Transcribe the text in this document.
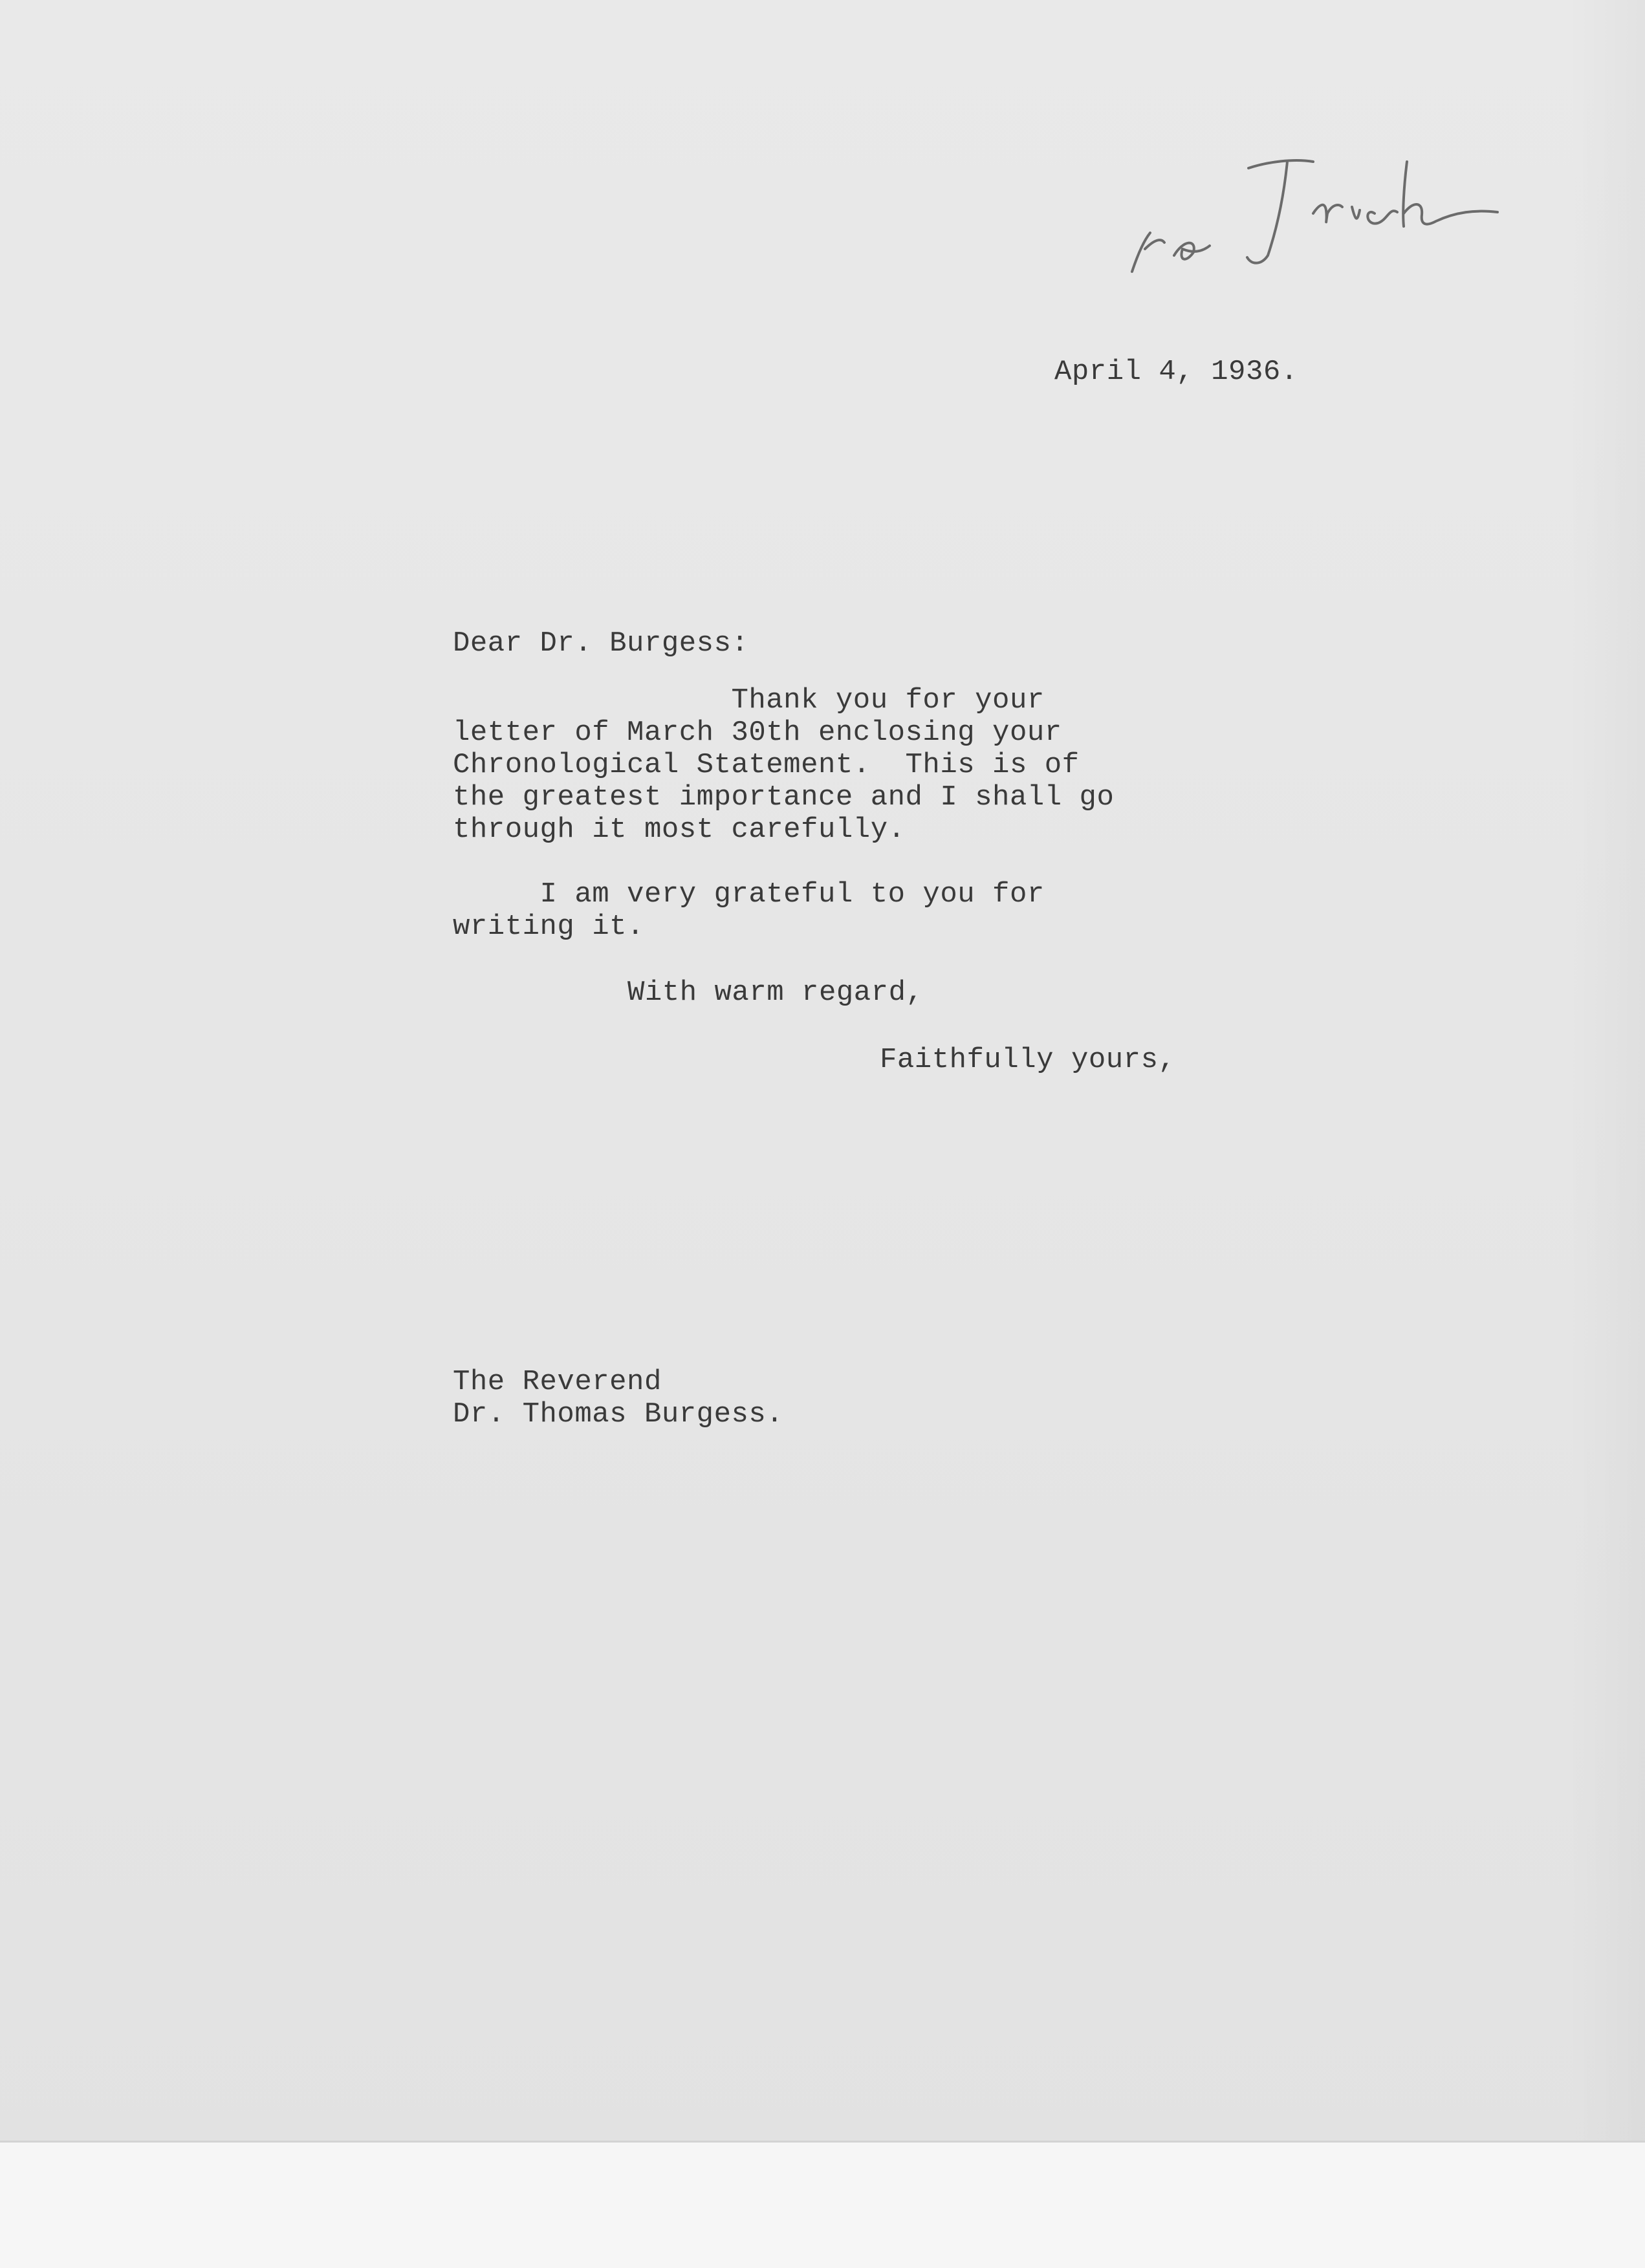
April 4, 1936.

Dear Dr. Burgess:

Thank you for your

letter of March 30th enclosing your

Chronological Statement.  This is of

the greatest importance and I shall go

through it most carefully.

I am very grateful to you for

writing it.

With warm regard,

Faithfully yours,

The Reverend

Dr. Thomas Burgess.
